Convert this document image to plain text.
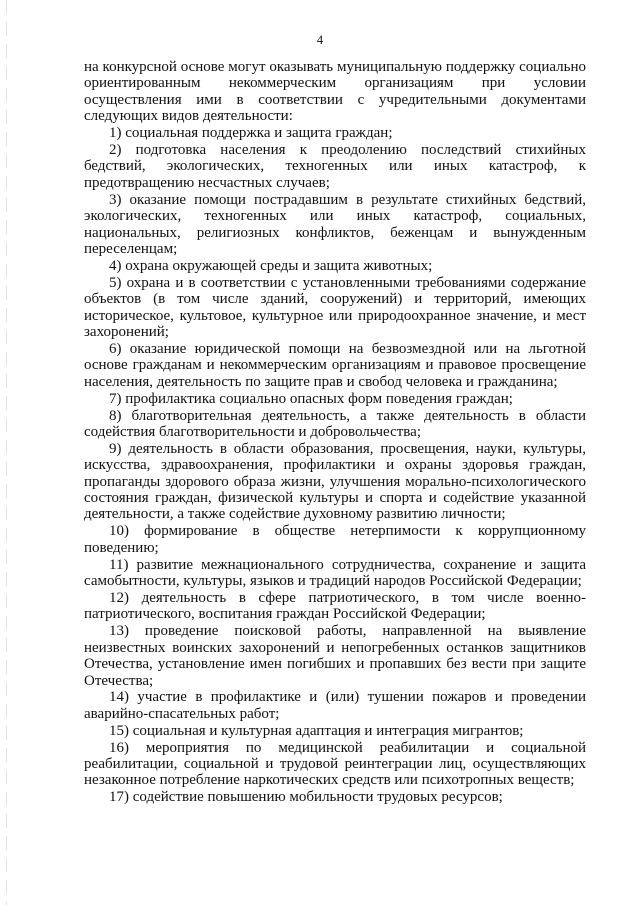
4

на конкурсной основе могут оказывать муниципальную поддержку социально ориентированным некоммерческим организациям при условии осуществления ими в соответствии с учредительными документами следующих видов деятельности:

1) социальная поддержка и защита граждан;

2) подготовка населения к преодолению последствий стихийных бедствий, экологических, техногенных или иных катастроф, к предотвращению несчастных случаев;

3) оказание помощи пострадавшим в результате стихийных бедствий, экологических, техногенных или иных катастроф, социальных, национальных, религиозных конфликтов, беженцам и вынужденным переселенцам;

4) охрана окружающей среды и защита животных;

5) охрана и в соответствии с установленными требованиями содержание объектов (в том числе зданий, сооружений) и территорий, имеющих историческое, культовое, культурное или природоохранное значение, и мест захоронений;

6) оказание юридической помощи на безвозмездной или на льготной основе гражданам и некоммерческим организациям и правовое просвещение населения, деятельность по защите прав и свобод человека и гражданина;

7) профилактика социально опасных форм поведения граждан;

8) благотворительная деятельность, а также деятельность в области содействия благотворительности и добровольчества;

9) деятельность в области образования, просвещения, науки, культуры, искусства, здравоохранения, профилактики и охраны здоровья граждан, пропаганды здорового образа жизни, улучшения морально-психологического состояния граждан, физической культуры и спорта и содействие указанной деятельности, а также содействие духовному развитию личности;

10) формирование в обществе нетерпимости к коррупционному поведению;

11) развитие межнационального сотрудничества, сохранение и защита самобытности, культуры, языков и традиций народов Российской Федерации;

12) деятельность в сфере патриотического, в том числе военно-патриотического, воспитания граждан Российской Федерации;

13) проведение поисковой работы, направленной на выявление неизвестных воинских захоронений и непогребенных останков защитников Отечества, установление имен погибших и пропавших без вести при защите Отечества;

14) участие в профилактике и (или) тушении пожаров и проведении аварийно-спасательных работ;

15) социальная и культурная адаптация и интеграция мигрантов;

16) мероприятия по медицинской реабилитации и социальной реабилитации, социальной и трудовой реинтеграции лиц, осуществляющих незаконное потребление наркотических средств или психотропных веществ;

17) содействие повышению мобильности трудовых ресурсов;
